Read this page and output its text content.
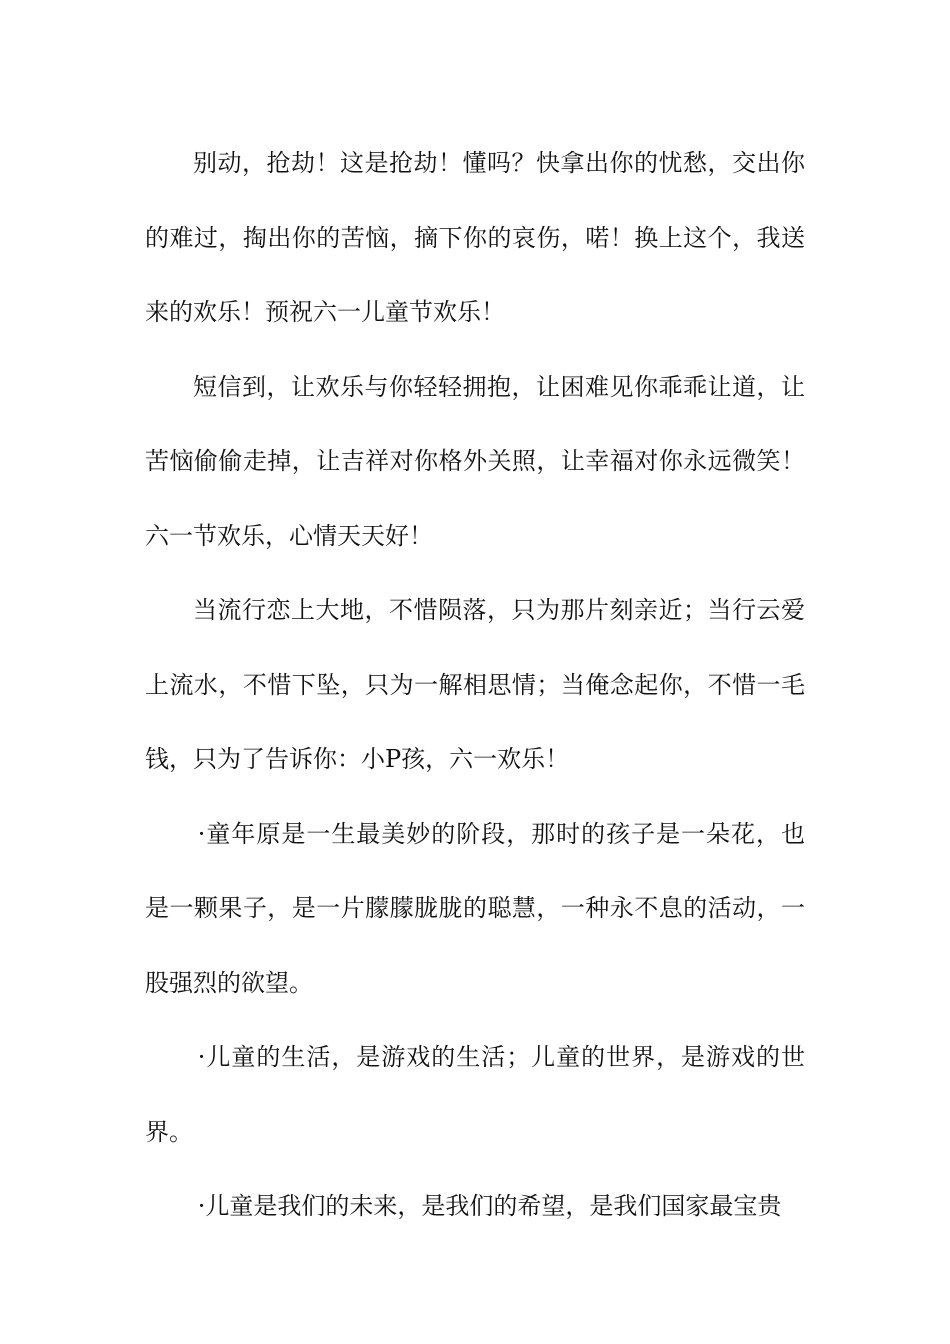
别动，抢劫！这是抢劫！懂吗？快拿出你的忧愁，交出你的难过，掏出你的苦恼，摘下你的哀伤，喏！换上这个，我送来的欢乐！预祝六一儿童节欢乐！

短信到，让欢乐与你轻轻拥抱，让困难见你乖乖让道，让苦恼偷偷走掉，让吉祥对你格外关照，让幸福对你永远微笑！六一节欢乐，心情天天好！

当流行恋上大地，不惜陨落，只为那片刻亲近；当行云爱上流水，不惜下坠，只为一解相思情；当俺念起你，不惜一毛钱，只为了告诉你：小P孩，六一欢乐！

·童年原是一生最美妙的阶段，那时的孩子是一朵花，也是一颗果子，是一片朦朦胧胧的聪慧，一种永不息的活动，一股强烈的欲望。

·儿童的生活，是游戏的生活；儿童的世界，是游戏的世界。

·儿童是我们的未来，是我们的希望，是我们国家最宝贵
